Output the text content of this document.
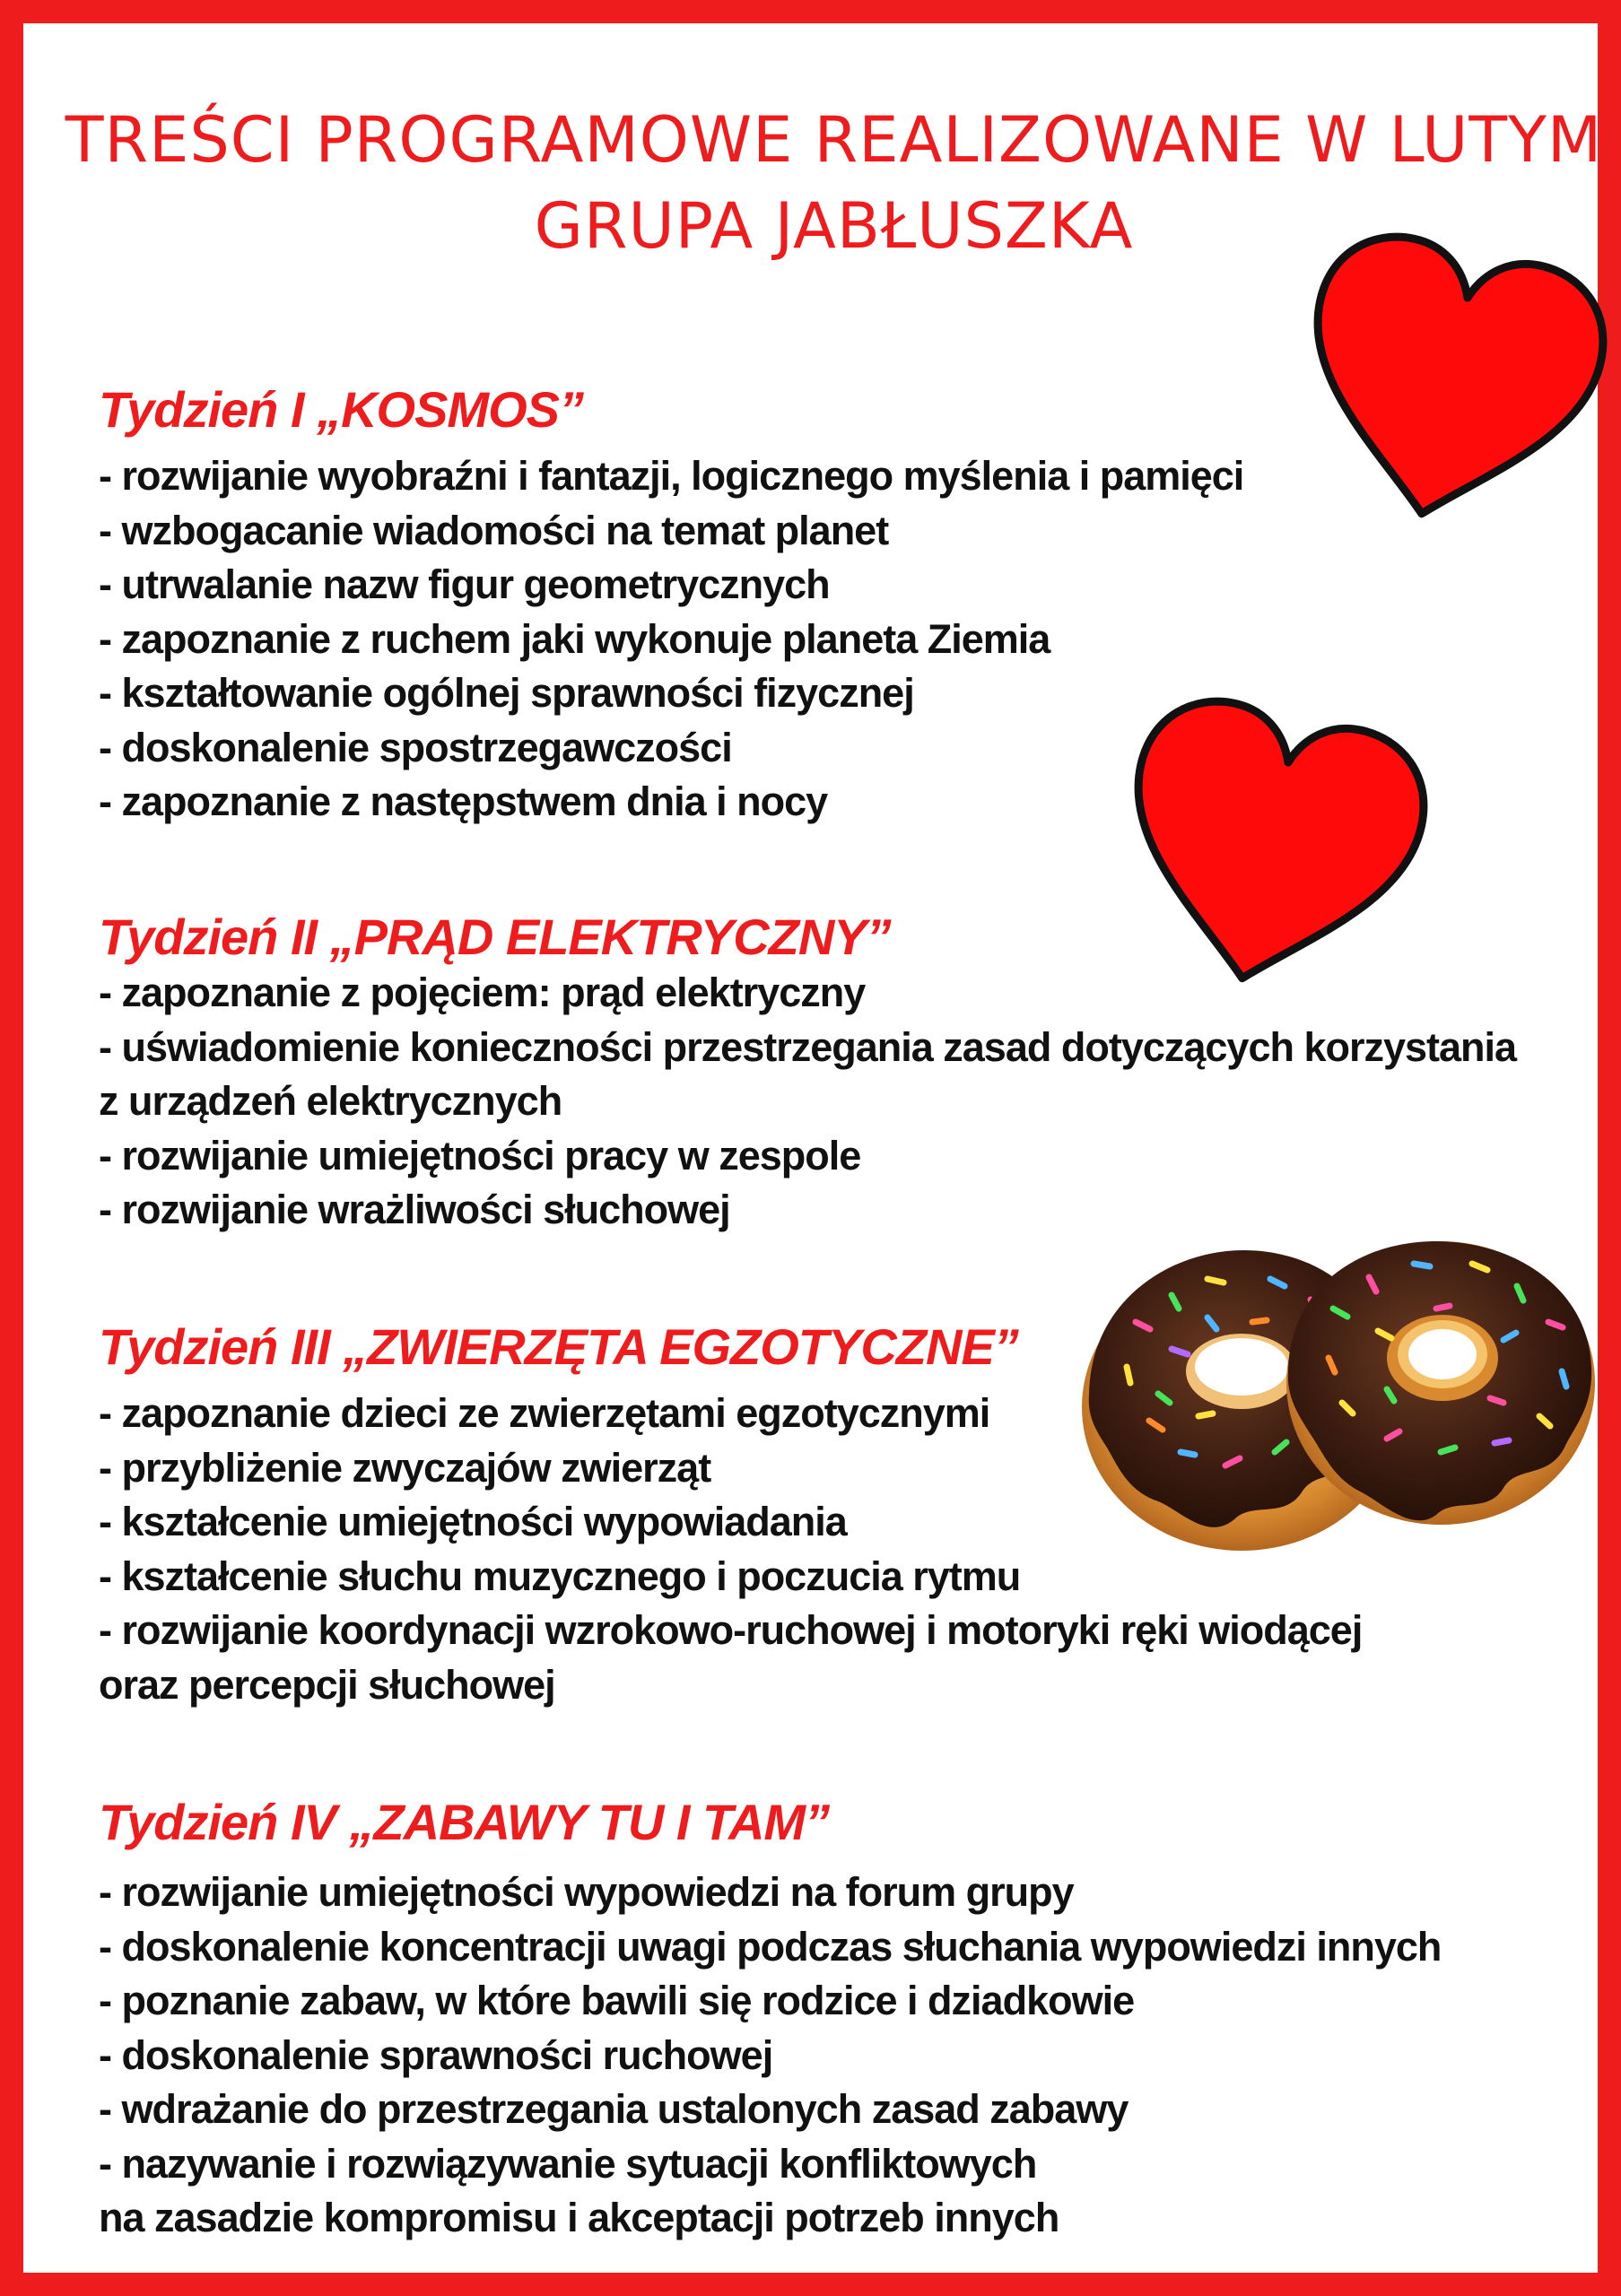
TREŚCI PROGRAMOWE REALIZOWANE W LUTYM
GRUPA JABŁUSZKA
Tydzień I „KOSMOS”
- rozwijanie wyobraźni i fantazji, logicznego myślenia i pamięci
- wzbogacanie wiadomości na temat planet
- utrwalanie nazw figur geometrycznych
- zapoznanie z ruchem jaki wykonuje planeta Ziemia
- kształtowanie ogólnej sprawności fizycznej
- doskonalenie spostrzegawczości
- zapoznanie z następstwem dnia i nocy
Tydzień II „PRĄD ELEKTRYCZNY”
- zapoznanie z pojęciem: prąd elektryczny
- uświadomienie konieczności przestrzegania zasad dotyczących korzystania
z urządzeń elektrycznych
- rozwijanie umiejętności pracy w zespole
- rozwijanie wrażliwości słuchowej
Tydzień III „ZWIERZĘTA EGZOTYCZNE”
- zapoznanie dzieci ze zwierzętami egzotycznymi
- przybliżenie zwyczajów zwierząt
- kształcenie umiejętności wypowiadania
- kształcenie słuchu muzycznego i poczucia rytmu
- rozwijanie koordynacji wzrokowo-ruchowej i motoryki ręki wiodącej
oraz percepcji słuchowej
Tydzień IV „ZABAWY TU I TAM”
- rozwijanie umiejętności wypowiedzi na forum grupy
- doskonalenie koncentracji uwagi podczas słuchania wypowiedzi innych
- poznanie zabaw, w które bawili się rodzice i dziadkowie
- doskonalenie sprawności ruchowej
- wdrażanie do przestrzegania ustalonych zasad zabawy
- nazywanie i rozwiązywanie sytuacji konfliktowych
na zasadzie kompromisu i akceptacji potrzeb innych
